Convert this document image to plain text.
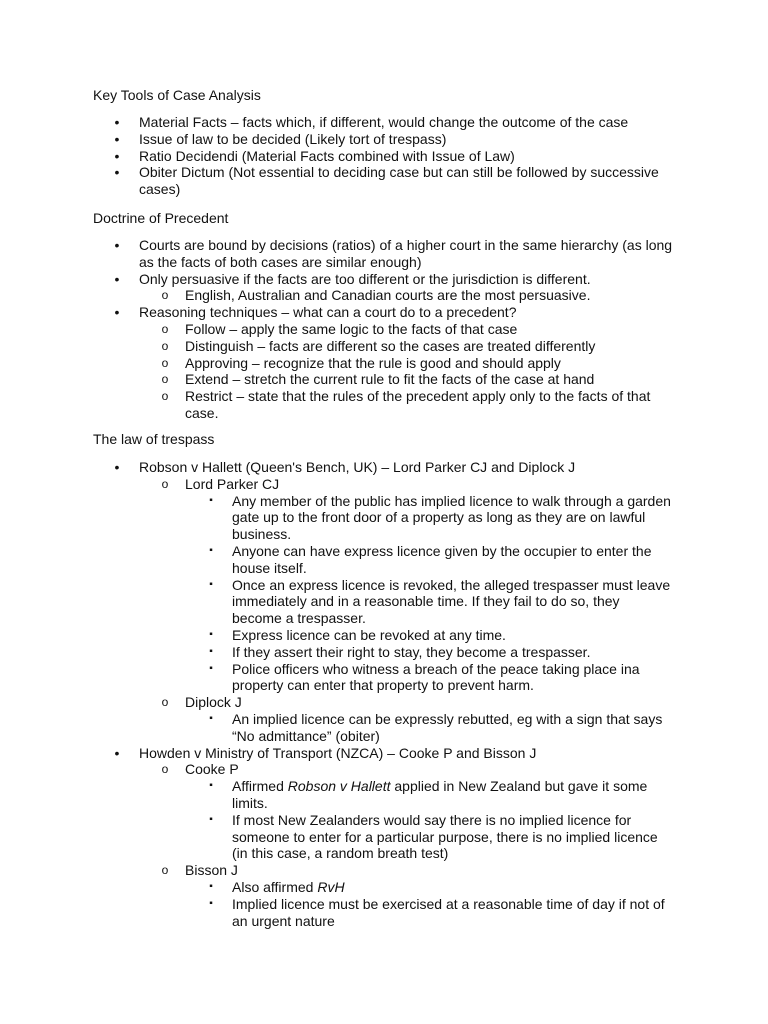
Key Tools of Case Analysis
• Material Facts – facts which, if different, would change the outcome of the case
• Issue of law to be decided (Likely tort of trespass)
• Ratio Decidendi (Material Facts combined with Issue of Law)
• Obiter Dictum (Not essential to deciding case but can still be followed by successive cases)
Doctrine of Precedent
• Courts are bound by decisions (ratios) of a higher court in the same hierarchy (as long as the facts of both cases are similar enough)
• Only persuasive if the facts are too different or the jurisdiction is different.
o English, Australian and Canadian courts are the most persuasive.
• Reasoning techniques – what can a court do to a precedent?
o Follow – apply the same logic to the facts of that case
o Distinguish – facts are different so the cases are treated differently
o Approving – recognize that the rule is good and should apply
o Extend – stretch the current rule to fit the facts of the case at hand
o Restrict – state that the rules of the precedent apply only to the facts of that case.
The law of trespass
• Robson v Hallett (Queen's Bench, UK) – Lord Parker CJ and Diplock J
o Lord Parker CJ
▪	Any member of the public has implied licence to walk through a garden gate up to the front door of a property as long as they are on lawful business.
▪	Anyone can have express licence given by the occupier to enter the house itself.
▪	Once an express licence is revoked, the alleged trespasser must leave immediately and in a reasonable time. If they fail to do so, they become a trespasser.
▪	Express licence can be revoked at any time.
▪	If they assert their right to stay, they become a trespasser.
▪	Police officers who witness a breach of the peace taking place ina property can enter that property to prevent harm.
o Diplock J
▪	An implied licence can be expressly rebutted, eg with a sign that says
“No admittance” (obiter)
• Howden v Ministry of Transport (NZCA) – Cooke P and Bisson J
o Cooke P
▪	Affirmed Robson v Hallett applied in New Zealand but gave it some limits.
▪	If most New Zealanders would say there is no implied licence for someone to enter for a particular purpose, there is no implied licence (in this case, a random breath test)
o Bisson J
▪	Also affirmed RvH
▪	Implied licence must be exercised at a reasonable time of day if not of an urgent nature
